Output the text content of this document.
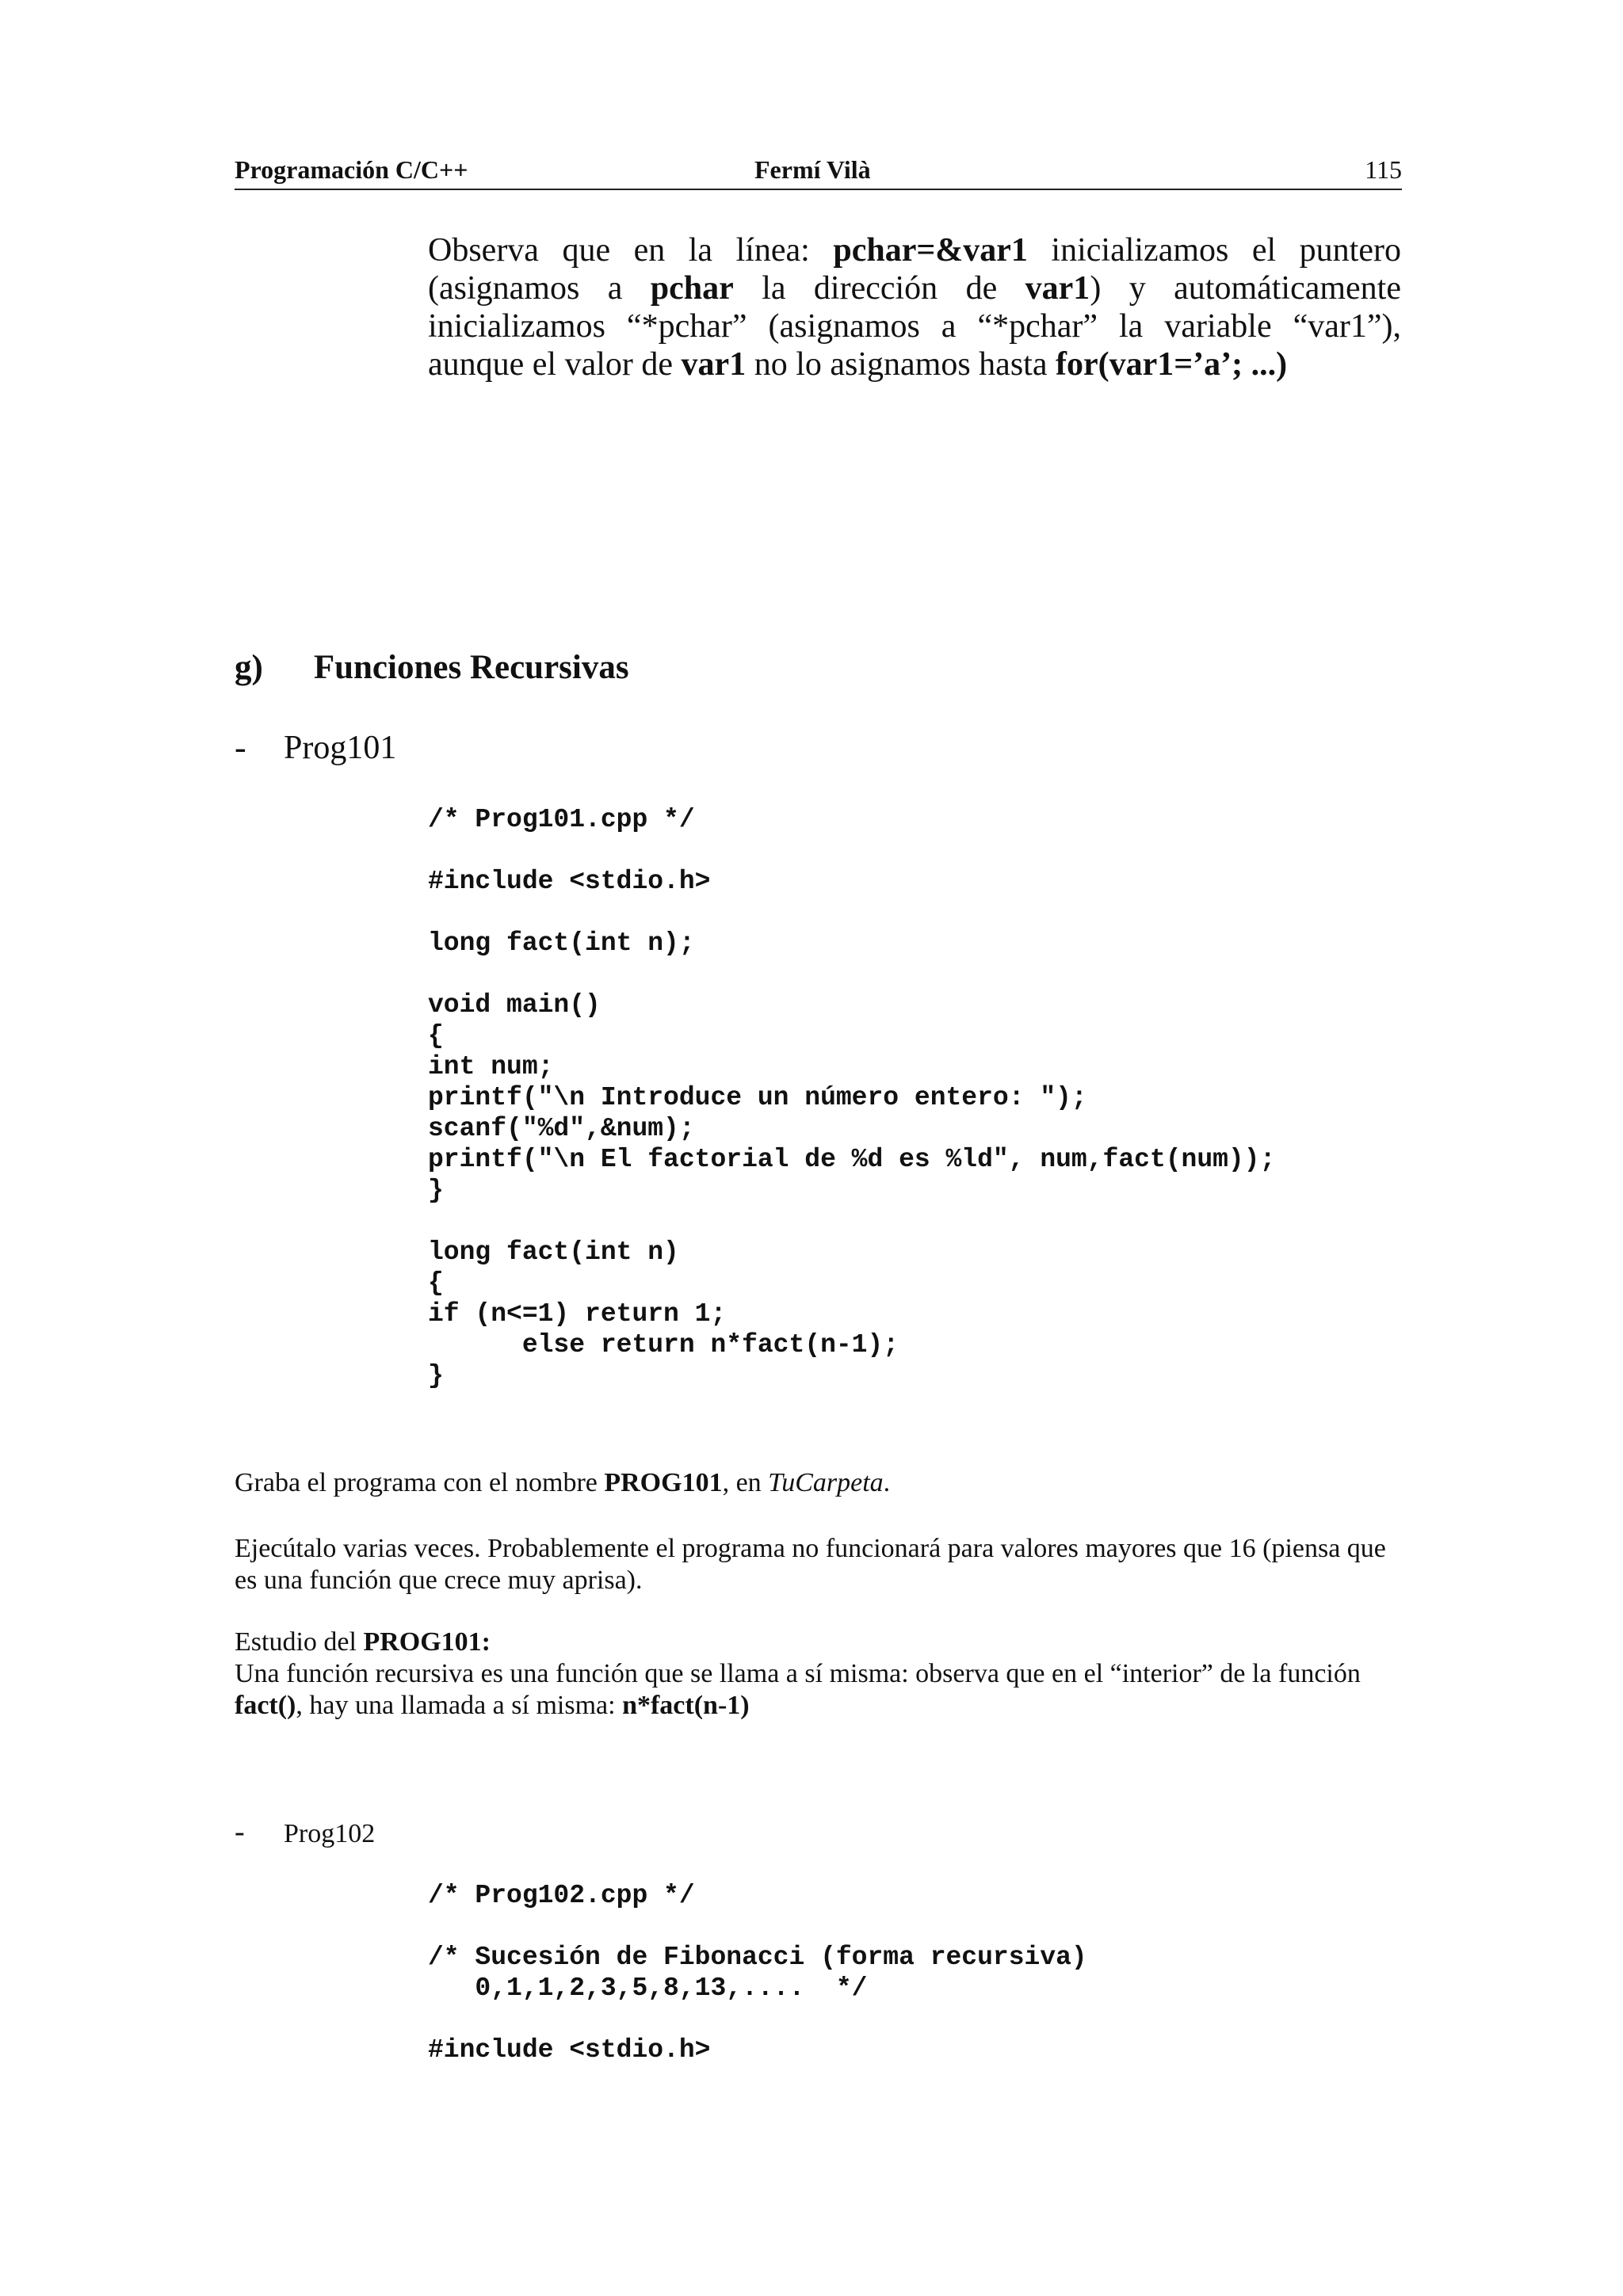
Programación C/C++	Fermí Vilà	115

Observa que en la línea: pchar=&var1 inicializamos el puntero (asignamos a pchar la dirección de var1) y automáticamente inicializamos “*pchar” (asignamos a “*pchar” la variable “var1”), aunque el valor de var1 no lo asignamos hasta for(var1=’a’; ...)

g) Funciones Recursivas
- Prog101
/* Prog101.cpp */

#include <stdio.h>

long fact(int n);

void main()
{
int num;
printf("\n Introduce un número entero: ");
scanf("%d",&num);
printf("\n El factorial de %d es %ld", num,fact(num));
}

long fact(int n)
{
if (n<=1) return 1;
else return n*fact(n-1);
}

Graba el programa con el nombre PROG101, en TuCarpeta.

Ejecútalo varias veces. Probablemente el programa no funcionará para valores mayores que 16 (piensa que es una función que crece muy aprisa).

Estudio del PROG101:
Una función recursiva es una función que se llama a sí misma: observa que en el “interior” de la función fact(), hay una llamada a sí misma: n*fact(n-1)
- Prog102
/* Prog102.cpp */

/* Sucesión de Fibonacci (forma recursiva)
0,1,1,2,3,5,8,13,....  */

#include <stdio.h>
